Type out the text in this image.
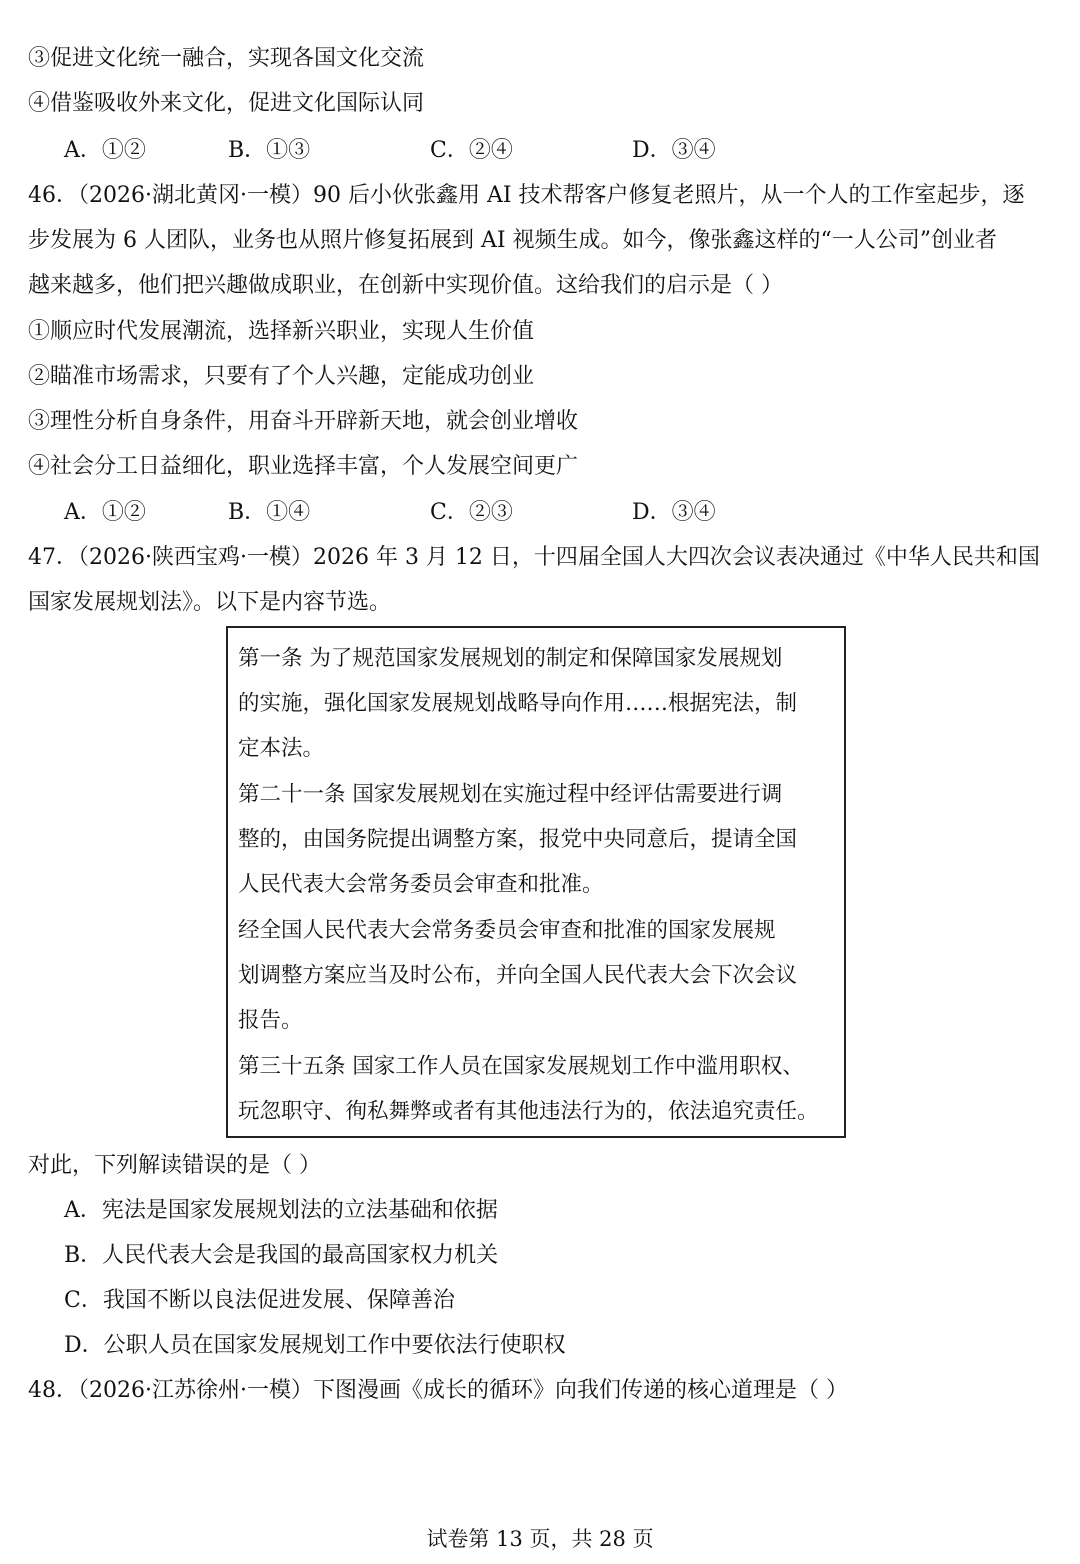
③促进文化统一融合，实现各国文化交流
④借鉴吸收外来文化，促进文化国际认同
A．①②	B．①③	C．②④	D．③④
46．（2026·湖北黄冈·一模）90 后小伙张鑫用 AI 技术帮客户修复老照片，从一个人的工作室起步，逐
步发展为 6 人团队，业务也从照片修复拓展到 AI 视频生成。如今，像张鑫这样的“一人公司”创业者
越来越多，他们把兴趣做成职业，在创新中实现价值。这给我们的启示是（ ）
①顺应时代发展潮流，选择新兴职业，实现人生价值
②瞄准市场需求，只要有了个人兴趣，定能成功创业
③理性分析自身条件，用奋斗开辟新天地，就会创业增收
④社会分工日益细化，职业选择丰富，个人发展空间更广
A．①②	B．①④	C．②③	D．③④
47．（2026·陕西宝鸡·一模）2026 年 3 月 12 日，十四届全国人大四次会议表决通过《中华人民共和国
国家发展规划法》。以下是内容节选。
第一条 为了规范国家发展规划的制定和保障国家发展规划
的实施，强化国家发展规划战略导向作用……根据宪法，制
定本法。
第二十一条 国家发展规划在实施过程中经评估需要进行调
整的，由国务院提出调整方案，报党中央同意后，提请全国
人民代表大会常务委员会审查和批准。
经全国人民代表大会常务委员会审查和批准的国家发展规
划调整方案应当及时公布，并向全国人民代表大会下次会议
报告。
第三十五条 国家工作人员在国家发展规划工作中滥用职权、
玩忽职守、徇私舞弊或者有其他违法行为的，依法追究责任。
对此，下列解读错误的是（ ）
A．宪法是国家发展规划法的立法基础和依据
B．人民代表大会是我国的最高国家权力机关
C．我国不断以良法促进发展、保障善治
D．公职人员在国家发展规划工作中要依法行使职权
48．（2026·江苏徐州·一模）下图漫画《成长的循环》向我们传递的核心道理是（ ）
试卷第 13 页，共 28 页
